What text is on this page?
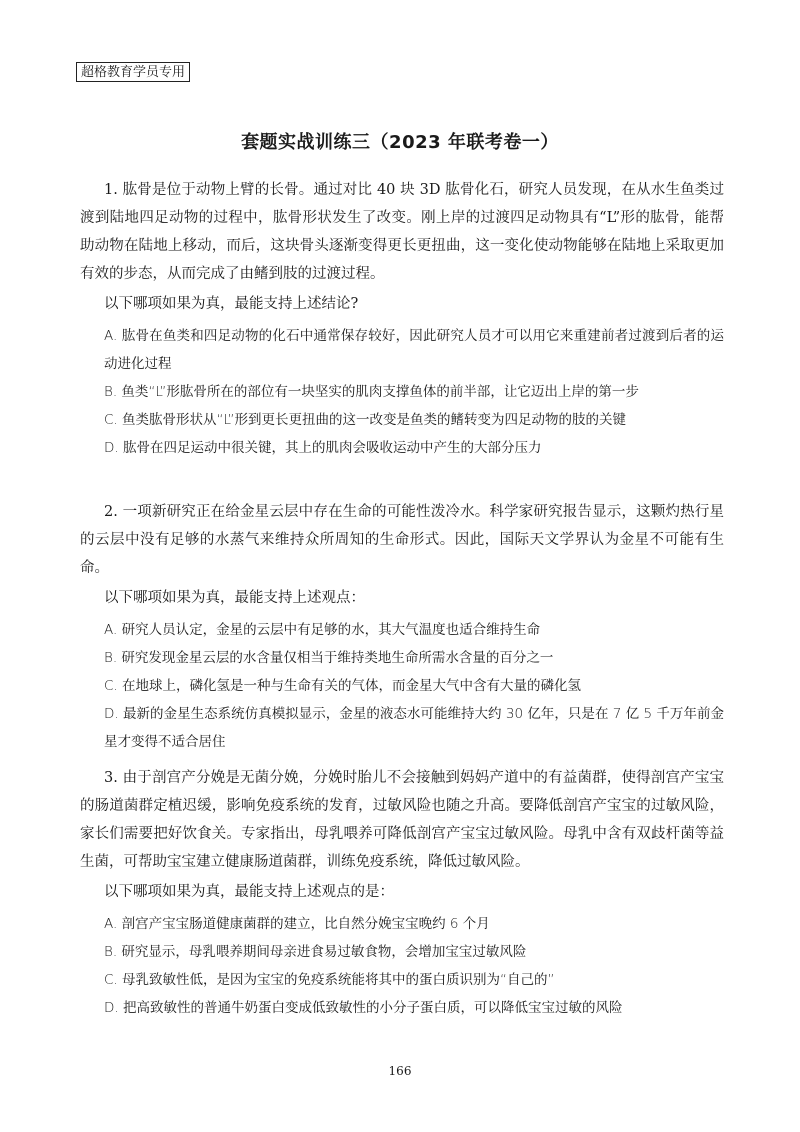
超格教育学员专用
套题实战训练三（2023 年联考卷一）

1. 肱骨是位于动物上臂的长骨。通过对比 40 块 3D 肱骨化石，研究人员发现，在从水生鱼类过渡到陆地四足动物的过程中，肱骨形状发生了改变。刚上岸的过渡四足动物具有“L”形的肱骨，能帮助动物在陆地上移动，而后，这块骨头逐渐变得更长更扭曲，这一变化使动物能够在陆地上采取更加有效的步态，从而完成了由鳍到肢的过渡过程。

以下哪项如果为真，最能支持上述结论?

A. 肱骨在鱼类和四足动物的化石中通常保存较好，因此研究人员才可以用它来重建前者过渡到后者的运动进化过程

B. 鱼类“L”形肱骨所在的部位有一块坚实的肌肉支撑鱼体的前半部，让它迈出上岸的第一步

C. 鱼类肱骨形状从“L”形到更长更扭曲的这一改变是鱼类的鳍转变为四足动物的肢的关键

D. 肱骨在四足运动中很关键，其上的肌肉会吸收运动中产生的大部分压力

2. 一项新研究正在给金星云层中存在生命的可能性泼冷水。科学家研究报告显示，这颗灼热行星的云层中没有足够的水蒸气来维持众所周知的生命形式。因此，国际天文学界认为金星不可能有生命。

以下哪项如果为真，最能支持上述观点：

A. 研究人员认定，金星的云层中有足够的水，其大气温度也适合维持生命

B. 研究发现金星云层的水含量仅相当于维持类地生命所需水含量的百分之一

C. 在地球上，磷化氢是一种与生命有关的气体，而金星大气中含有大量的磷化氢

D. 最新的金星生态系统仿真模拟显示，金星的液态水可能维持大约 30 亿年，只是在 7 亿 5 千万年前金星才变得不适合居住

3. 由于剖宫产分娩是无菌分娩，分娩时胎儿不会接触到妈妈产道中的有益菌群，使得剖宫产宝宝的肠道菌群定植迟缓，影响免疫系统的发育，过敏风险也随之升高。要降低剖宫产宝宝的过敏风险，家长们需要把好饮食关。专家指出，母乳喂养可降低剖宫产宝宝过敏风险。母乳中含有双歧杆菌等益生菌，可帮助宝宝建立健康肠道菌群，训练免疫系统，降低过敏风险。

以下哪项如果为真，最能支持上述观点的是：

A. 剖宫产宝宝肠道健康菌群的建立，比自然分娩宝宝晚约 6 个月

B. 研究显示，母乳喂养期间母亲进食易过敏食物，会增加宝宝过敏风险

C. 母乳致敏性低，是因为宝宝的免疫系统能将其中的蛋白质识别为“自己的”

D. 把高致敏性的普通牛奶蛋白变成低致敏性的小分子蛋白质，可以降低宝宝过敏的风险

166
